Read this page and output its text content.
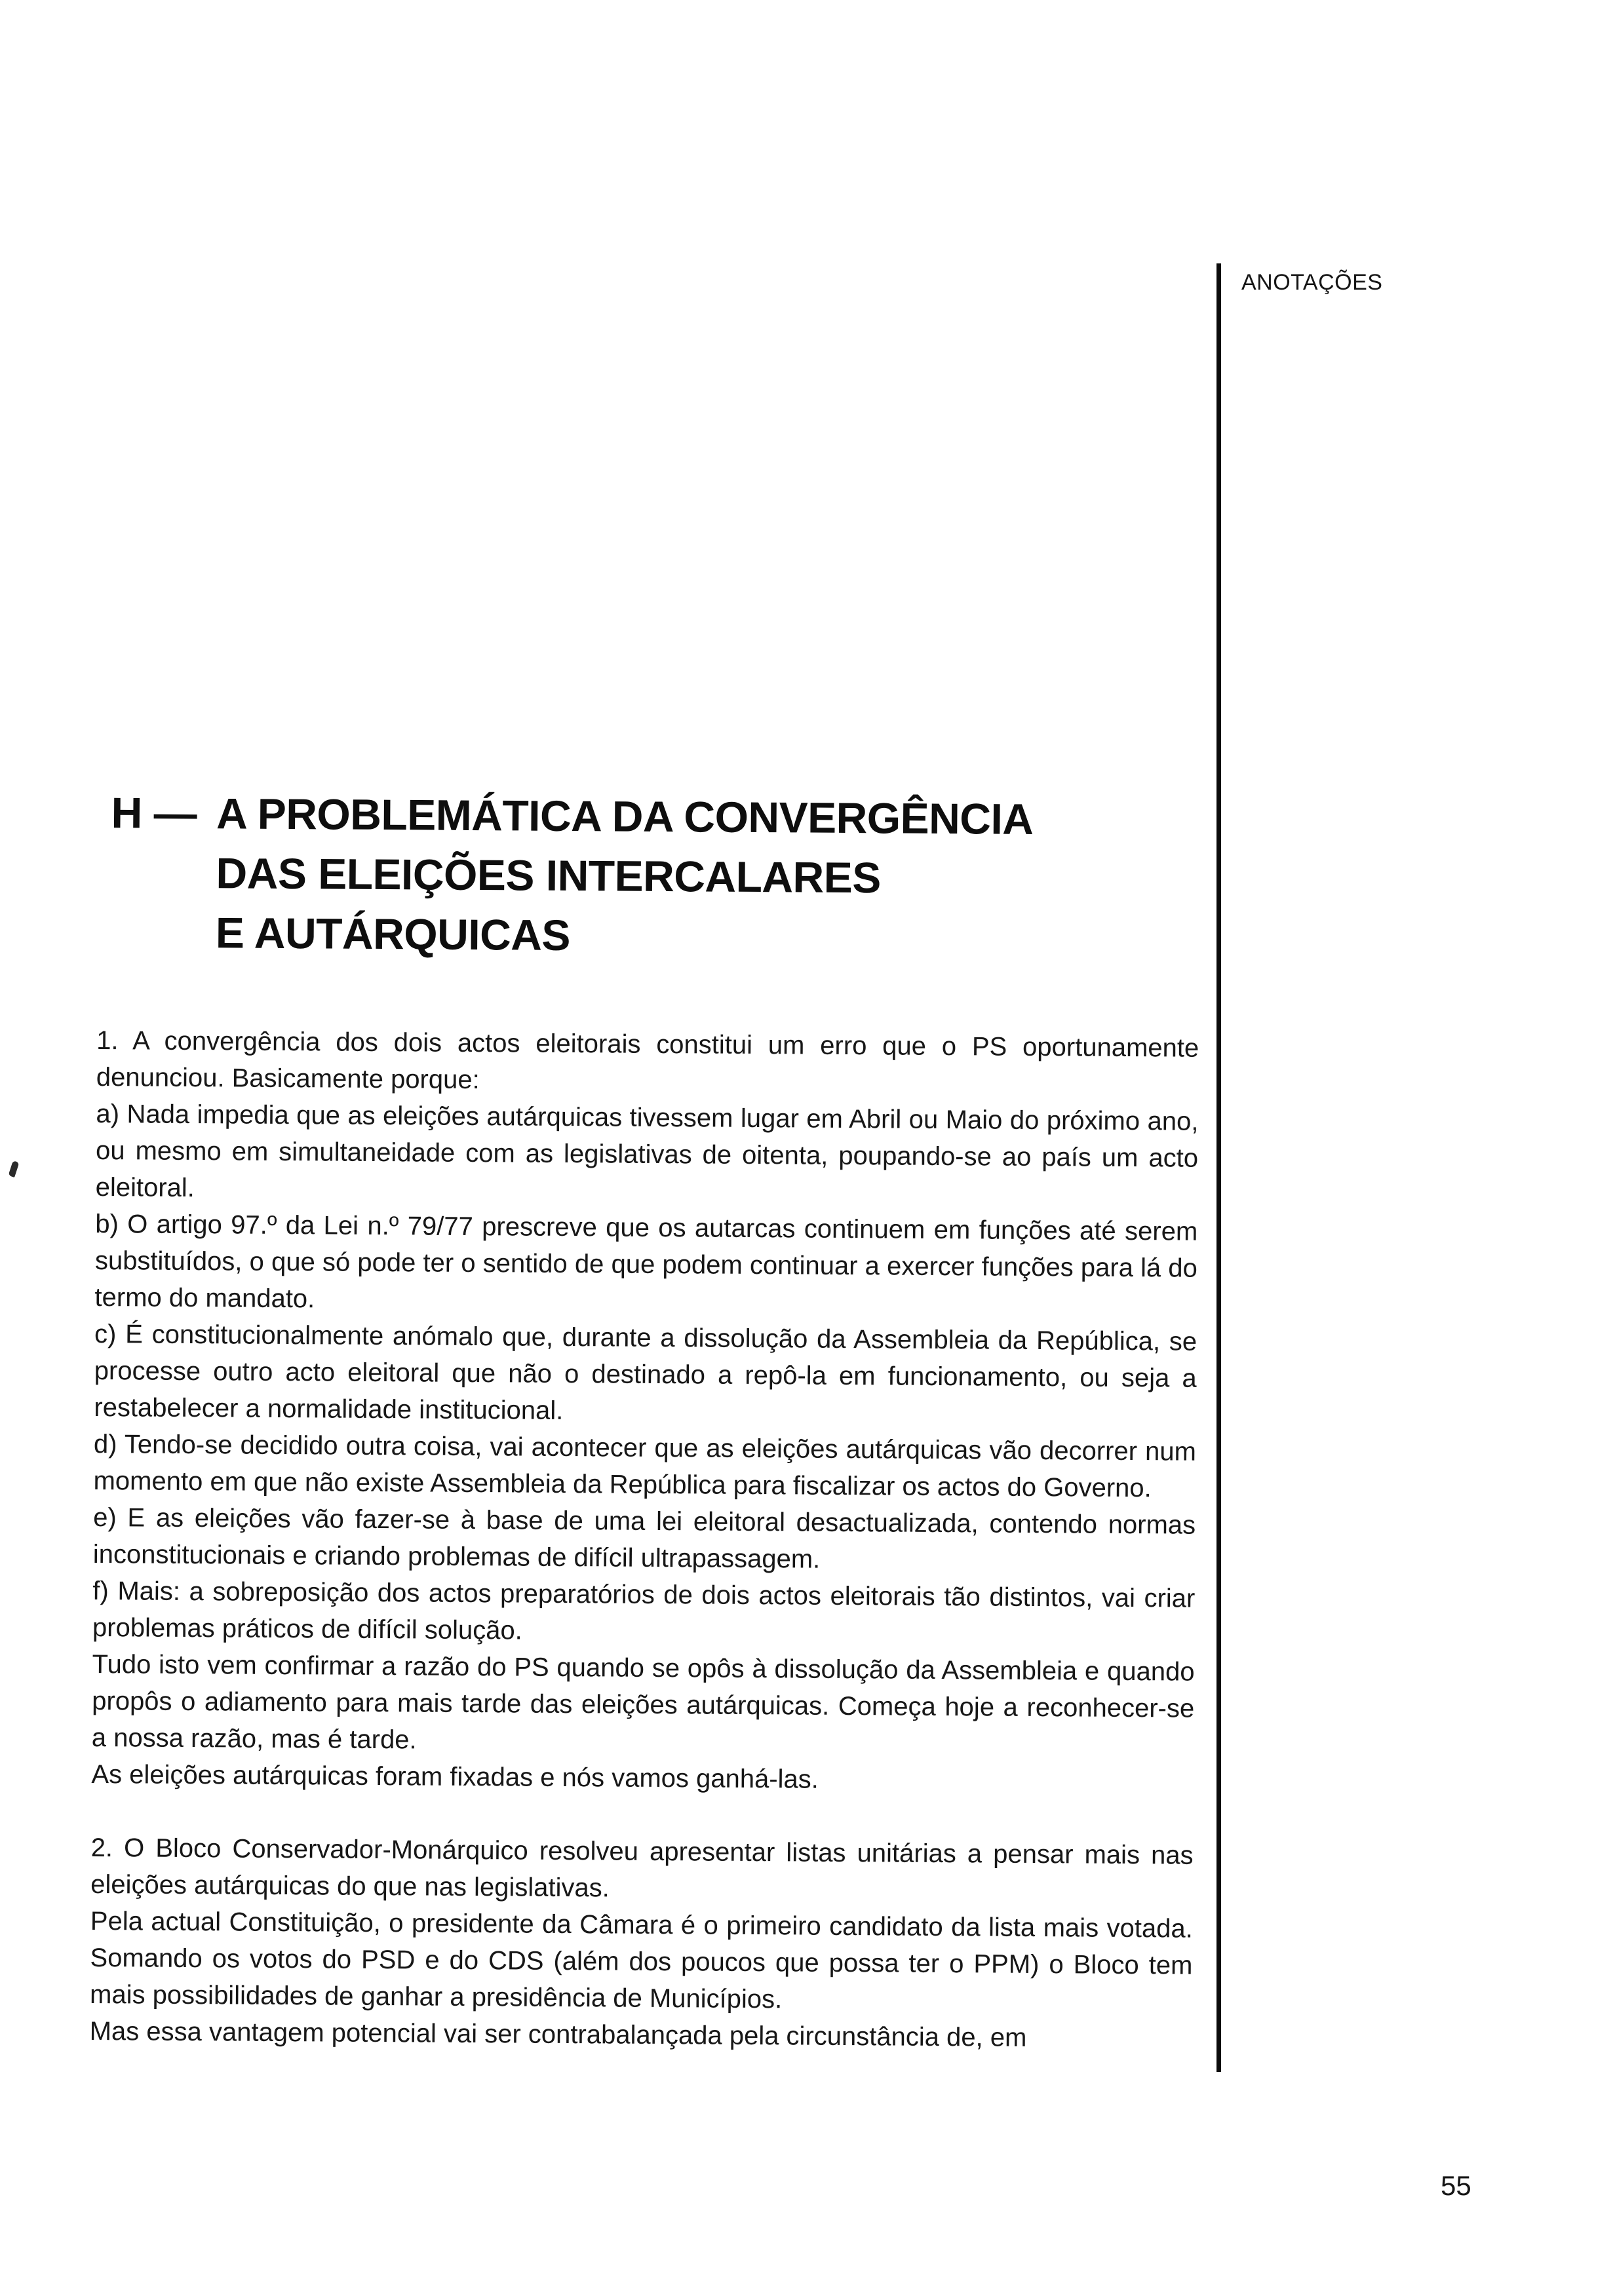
ANOTAÇÕES
H — A PROBLEMÁTICA DA CONVERGÊNCIA
DAS ELEIÇÕES INTERCALARES
E AUTÁRQUICAS

1. A convergência dos dois actos eleitorais constitui um erro que o PS oportunamente denunciou. Basicamente porque:

a) Nada impedia que as eleições autárquicas tivessem lugar em Abril ou Maio do próximo ano, ou mesmo em simultaneidade com as legislativas de oitenta, poupando-se ao país um acto eleitoral.

b) O artigo 97.º da Lei n.º 79/77 prescreve que os autarcas continuem em funções até serem substituídos, o que só pode ter o sentido de que podem continuar a exercer funções para lá do termo do mandato.

c) É constitucionalmente anómalo que, durante a dissolução da Assembleia da República, se processe outro acto eleitoral que não o destinado a repô-la em funcionamento, ou seja a restabelecer a normalidade institucional.

d) Tendo-se decidido outra coisa, vai acontecer que as eleições autárquicas vão decorrer num momento em que não existe Assembleia da República para fiscalizar os actos do Governo.

e) E as eleições vão fazer-se à base de uma lei eleitoral desactualizada, contendo normas inconstitucionais e criando problemas de difícil ultrapassagem.

f) Mais: a sobreposição dos actos preparatórios de dois actos eleitorais tão distintos, vai criar problemas práticos de difícil solução.

Tudo isto vem confirmar a razão do PS quando se opôs à dissolução da Assembleia e quando propôs o adiamento para mais tarde das eleições autárquicas. Começa hoje a reconhecer-se a nossa razão, mas é tarde.

As eleições autárquicas foram fixadas e nós vamos ganhá-las.

2. O Bloco Conservador-Monárquico resolveu apresentar listas unitárias a pensar mais nas eleições autárquicas do que nas legislativas.

Pela actual Constituição, o presidente da Câmara é o primeiro candidato da lista mais votada. Somando os votos do PSD e do CDS (além dos poucos que possa ter o PPM) o Bloco tem mais possibilidades de ganhar a presidência de Municípios.

Mas essa vantagem potencial vai ser contrabalançada pela circunstância de, em

55
